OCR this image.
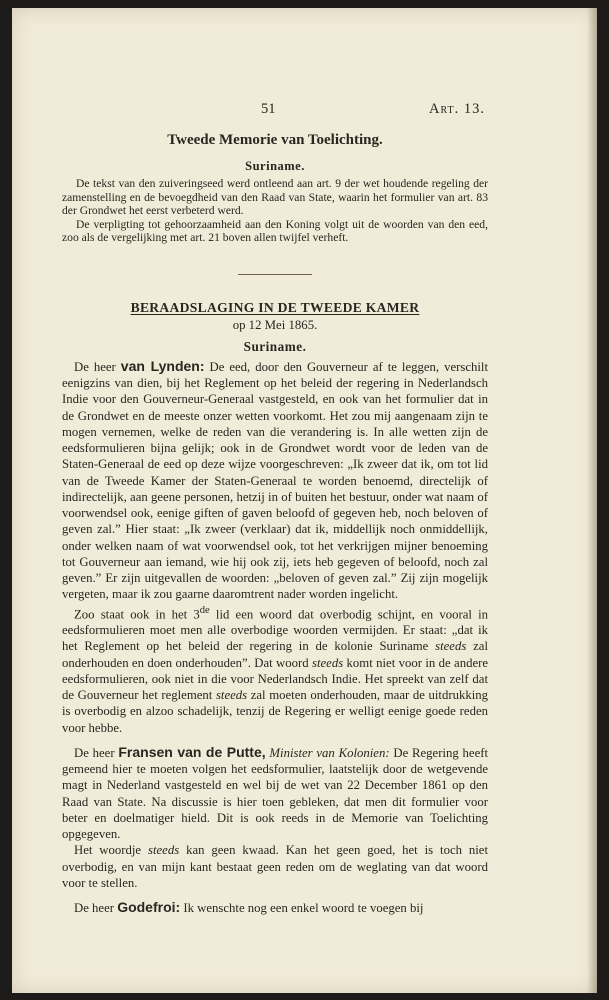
51	Art. 13.
Tweede Memorie van Toelichting.
Suriname.

De tekst van den zuiveringseed werd ontleend aan art. 9 der wet houdende regeling der zamenstelling en de bevoegdheid van den Raad van State, waarin het formulier van art. 83 der Grondwet het eerst verbeterd werd.

De verpligting tot gehoorzaamheid aan den Koning volgt uit de woorden van den eed, zoo als de vergelijking met art. 21 boven allen twijfel verheft.

BERAADSLAGING IN DE TWEEDE KAMER
op 12 Mei 1865.
Suriname.

De heer van Lynden: De eed, door den Gouverneur af te leggen, verschilt eenigzins van dien, bij het Reglement op het beleid der regering in Nederlandsch Indie voor den Gouverneur-Generaal vastgesteld, en ook van het formulier dat in de Grondwet en de meeste onzer wetten voorkomt. Het zou mij aangenaam zijn te mogen vernemen, welke de reden van die verandering is. In alle wetten zijn de eedsformulieren bijna gelijk; ook in de Grondwet wordt voor de leden van de Staten-Generaal de eed op deze wijze voorgeschreven: „Ik zweer dat ik, om tot lid van de Tweede Kamer der Staten-Generaal te worden benoemd, directelijk of indirectelijk, aan geene personen, hetzij in of buiten het bestuur, onder wat naam of voorwendsel ook, eenige giften of gaven beloofd of gegeven heb, noch beloven of geven zal.” Hier staat: „Ik zweer (verklaar) dat ik, middellijk noch onmiddellijk, onder welken naam of wat voorwendsel ook, tot het verkrijgen mijner benoeming tot Gouverneur aan iemand, wie hij ook zij, iets heb gegeven of beloofd, noch zal geven.” Er zijn uitgevallen de woorden: „beloven of geven zal.” Zij zijn mogelijk vergeten, maar ik zou gaarne daaromtrent nader worden ingelicht.

Zoo staat ook in het 3de lid een woord dat overbodig schijnt, en vooral in eedsformulieren moet men alle overbodige woorden vermijden. Er staat: „dat ik het Reglement op het beleid der regering in de kolonie Suriname steeds zal onderhouden en doen onderhouden”. Dat woord steeds komt niet voor in de andere eedsformulieren, ook niet in die voor Nederlandsch Indie. Het spreekt van zelf dat de Gouverneur het reglement steeds zal moeten onderhouden, maar de uitdrukking is overbodig en alzoo schadelijk, tenzij de Regering er welligt eenige goede reden voor hebbe.

De heer Fransen van de Putte, Minister van Kolonien: De Regering heeft gemeend hier te moeten volgen het eedsformulier, laatstelijk door de wetgevende magt in Nederland vastgesteld en wel bij de wet van 22 December 1861 op den Raad van State. Na discussie is hier toen gebleken, dat men dit formulier voor beter en doelmatiger hield. Dit is ook reeds in de Memorie van Toelichting opgegeven.

Het woordje steeds kan geen kwaad. Kan het geen goed, het is toch niet overbodig, en van mijn kant bestaat geen reden om de weglating van dat woord voor te stellen.

De heer Godefroi: Ik wenschte nog een enkel woord te voegen bij
